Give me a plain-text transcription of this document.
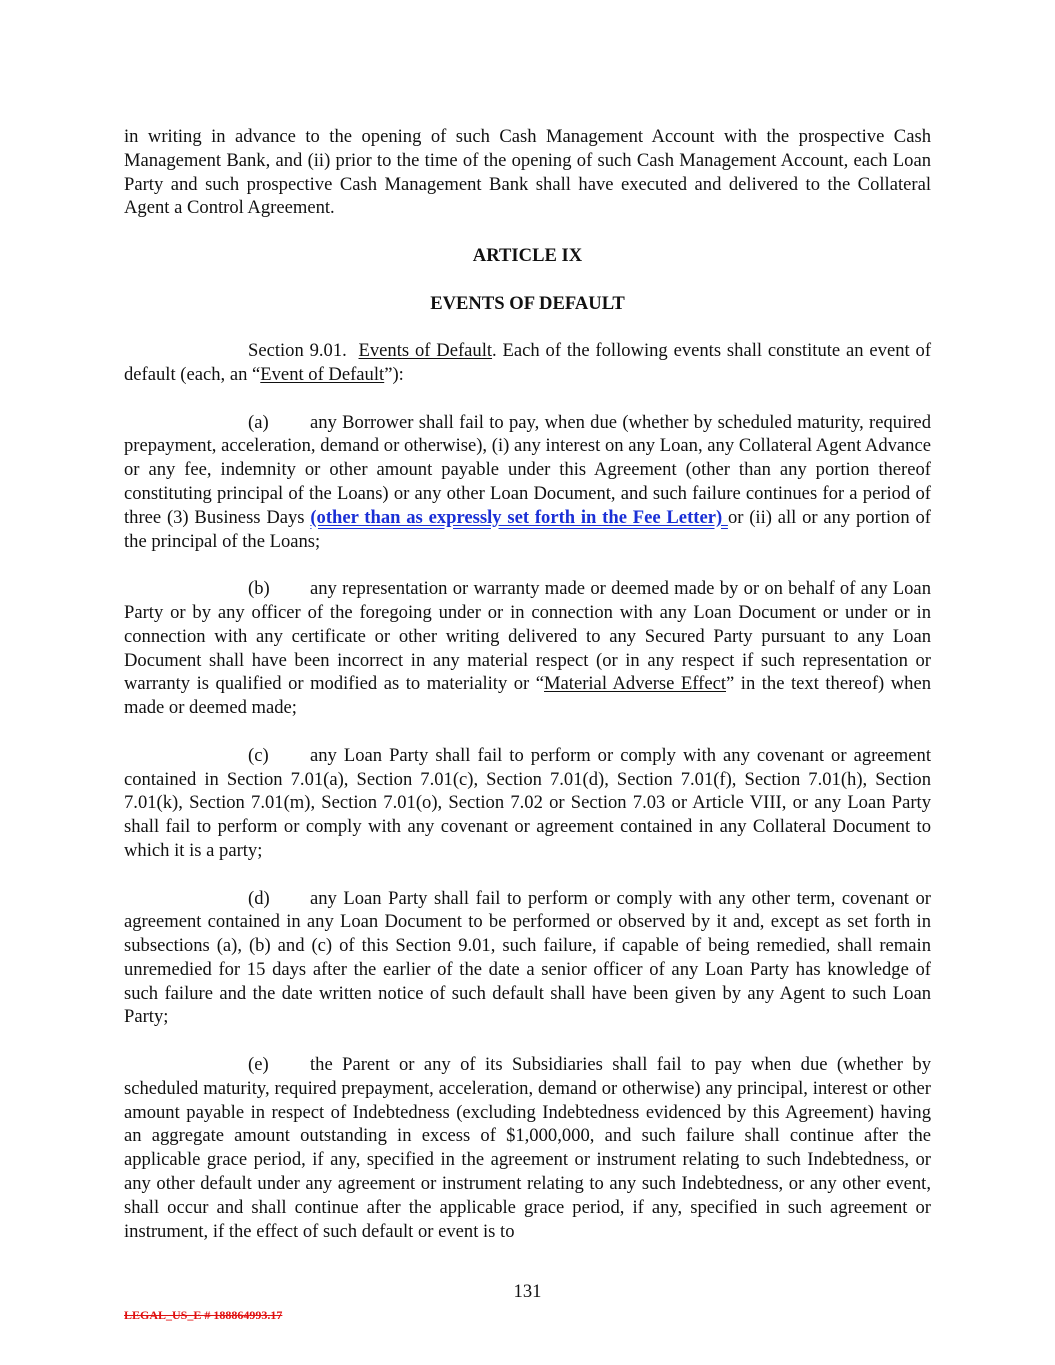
in writing in advance to the opening of such Cash Management Account with the prospective Cash Management Bank, and (ii) prior to the time of the opening of such Cash Management Account, each Loan Party and such prospective Cash Management Bank shall have executed and delivered to the Collateral Agent a Control Agreement.

ARTICLE IX

EVENTS OF DEFAULT

Section 9.01. Events of Default. Each of the following events shall constitute an event of default (each, an “Event of Default”):

(a) any Borrower shall fail to pay, when due (whether by scheduled maturity, required prepayment, acceleration, demand or otherwise), (i) any interest on any Loan, any Collateral Agent Advance or any fee, indemnity or other amount payable under this Agreement (other than any portion thereof constituting principal of the Loans) or any other Loan Document, and such failure continues for a period of three (3) Business Days (other than as expressly set forth in the Fee Letter) or (ii) all or any portion of the principal of the Loans;

(b) any representation or warranty made or deemed made by or on behalf of any Loan Party or by any officer of the foregoing under or in connection with any Loan Document or under or in connection with any certificate or other writing delivered to any Secured Party pursuant to any Loan Document shall have been incorrect in any material respect (or in any respect if such representation or warranty is qualified or modified as to materiality or “Material Adverse Effect” in the text thereof) when made or deemed made;

(c) any Loan Party shall fail to perform or comply with any covenant or agreement contained in Section 7.01(a), Section 7.01(c), Section 7.01(d), Section 7.01(f), Section 7.01(h), Section 7.01(k), Section 7.01(m), Section 7.01(o), Section 7.02 or Section 7.03 or Article VIII, or any Loan Party shall fail to perform or comply with any covenant or agreement contained in any Collateral Document to which it is a party;

(d) any Loan Party shall fail to perform or comply with any other term, covenant or agreement contained in any Loan Document to be performed or observed by it and, except as set forth in subsections (a), (b) and (c) of this Section 9.01, such failure, if capable of being remedied, shall remain unremedied for 15 days after the earlier of the date a senior officer of any Loan Party has knowledge of such failure and the date written notice of such default shall have been given by any Agent to such Loan Party;

(e) the Parent or any of its Subsidiaries shall fail to pay when due (whether by scheduled maturity, required prepayment, acceleration, demand or otherwise) any principal, interest or other amount payable in respect of Indebtedness (excluding Indebtedness evidenced by this Agreement) having an aggregate amount outstanding in excess of $1,000,000, and such failure shall continue after the applicable grace period, if any, specified in the agreement or instrument relating to such Indebtedness, or any other default under any agreement or instrument relating to any such Indebtedness, or any other event, shall occur and shall continue after the applicable grace period, if any, specified in such agreement or instrument, if the effect of such default or event is to

131
LEGAL_US_E # 188864993.17
